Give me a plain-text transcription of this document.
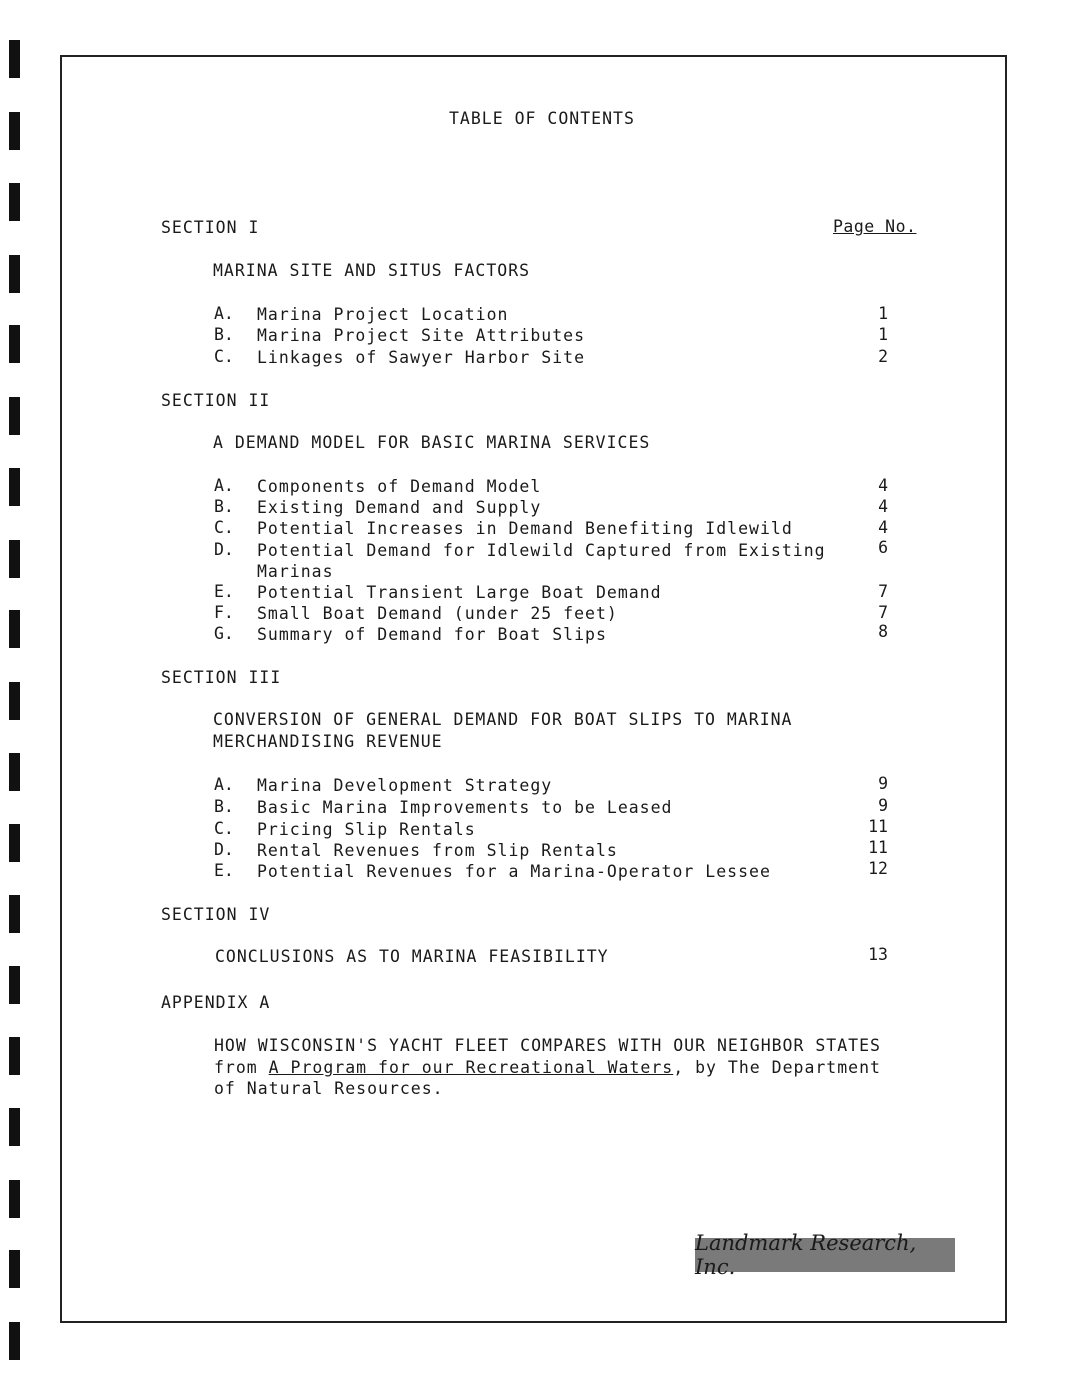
TABLE OF CONTENTS
Page No.
SECTION I
MARINA SITE AND SITUS FACTORS
A. Marina Project Location	1
B. Marina Project Site Attributes	1
C. Linkages of Sawyer Harbor Site	2
SECTION II
A DEMAND MODEL FOR BASIC MARINA SERVICES
A. Components of Demand Model	4
B. Existing Demand and Supply	4
C. Potential Increases in Demand Benefiting Idlewild	4
D. Potential Demand for Idlewild Captured from Existing	6
Marinas
E. Potential Transient Large Boat Demand	7
F. Small Boat Demand (under 25 feet)	7
G. Summary of Demand for Boat Slips	8
SECTION III
CONVERSION OF GENERAL DEMAND FOR BOAT SLIPS TO MARINA
MERCHANDISING REVENUE
A. Marina Development Strategy	9
B. Basic Marina Improvements to be Leased	9
C. Pricing Slip Rentals	11
D. Rental Revenues from Slip Rentals	11
E. Potential Revenues for a Marina-Operator Lessee	12
SECTION IV
CONCLUSIONS AS TO MARINA FEASIBILITY	13
APPENDIX A
HOW WISCONSIN'S YACHT FLEET COMPARES WITH OUR NEIGHBOR STATES
from A Program for our Recreational Waters, by The Department
of Natural Resources.
Landmark Research, Inc.
